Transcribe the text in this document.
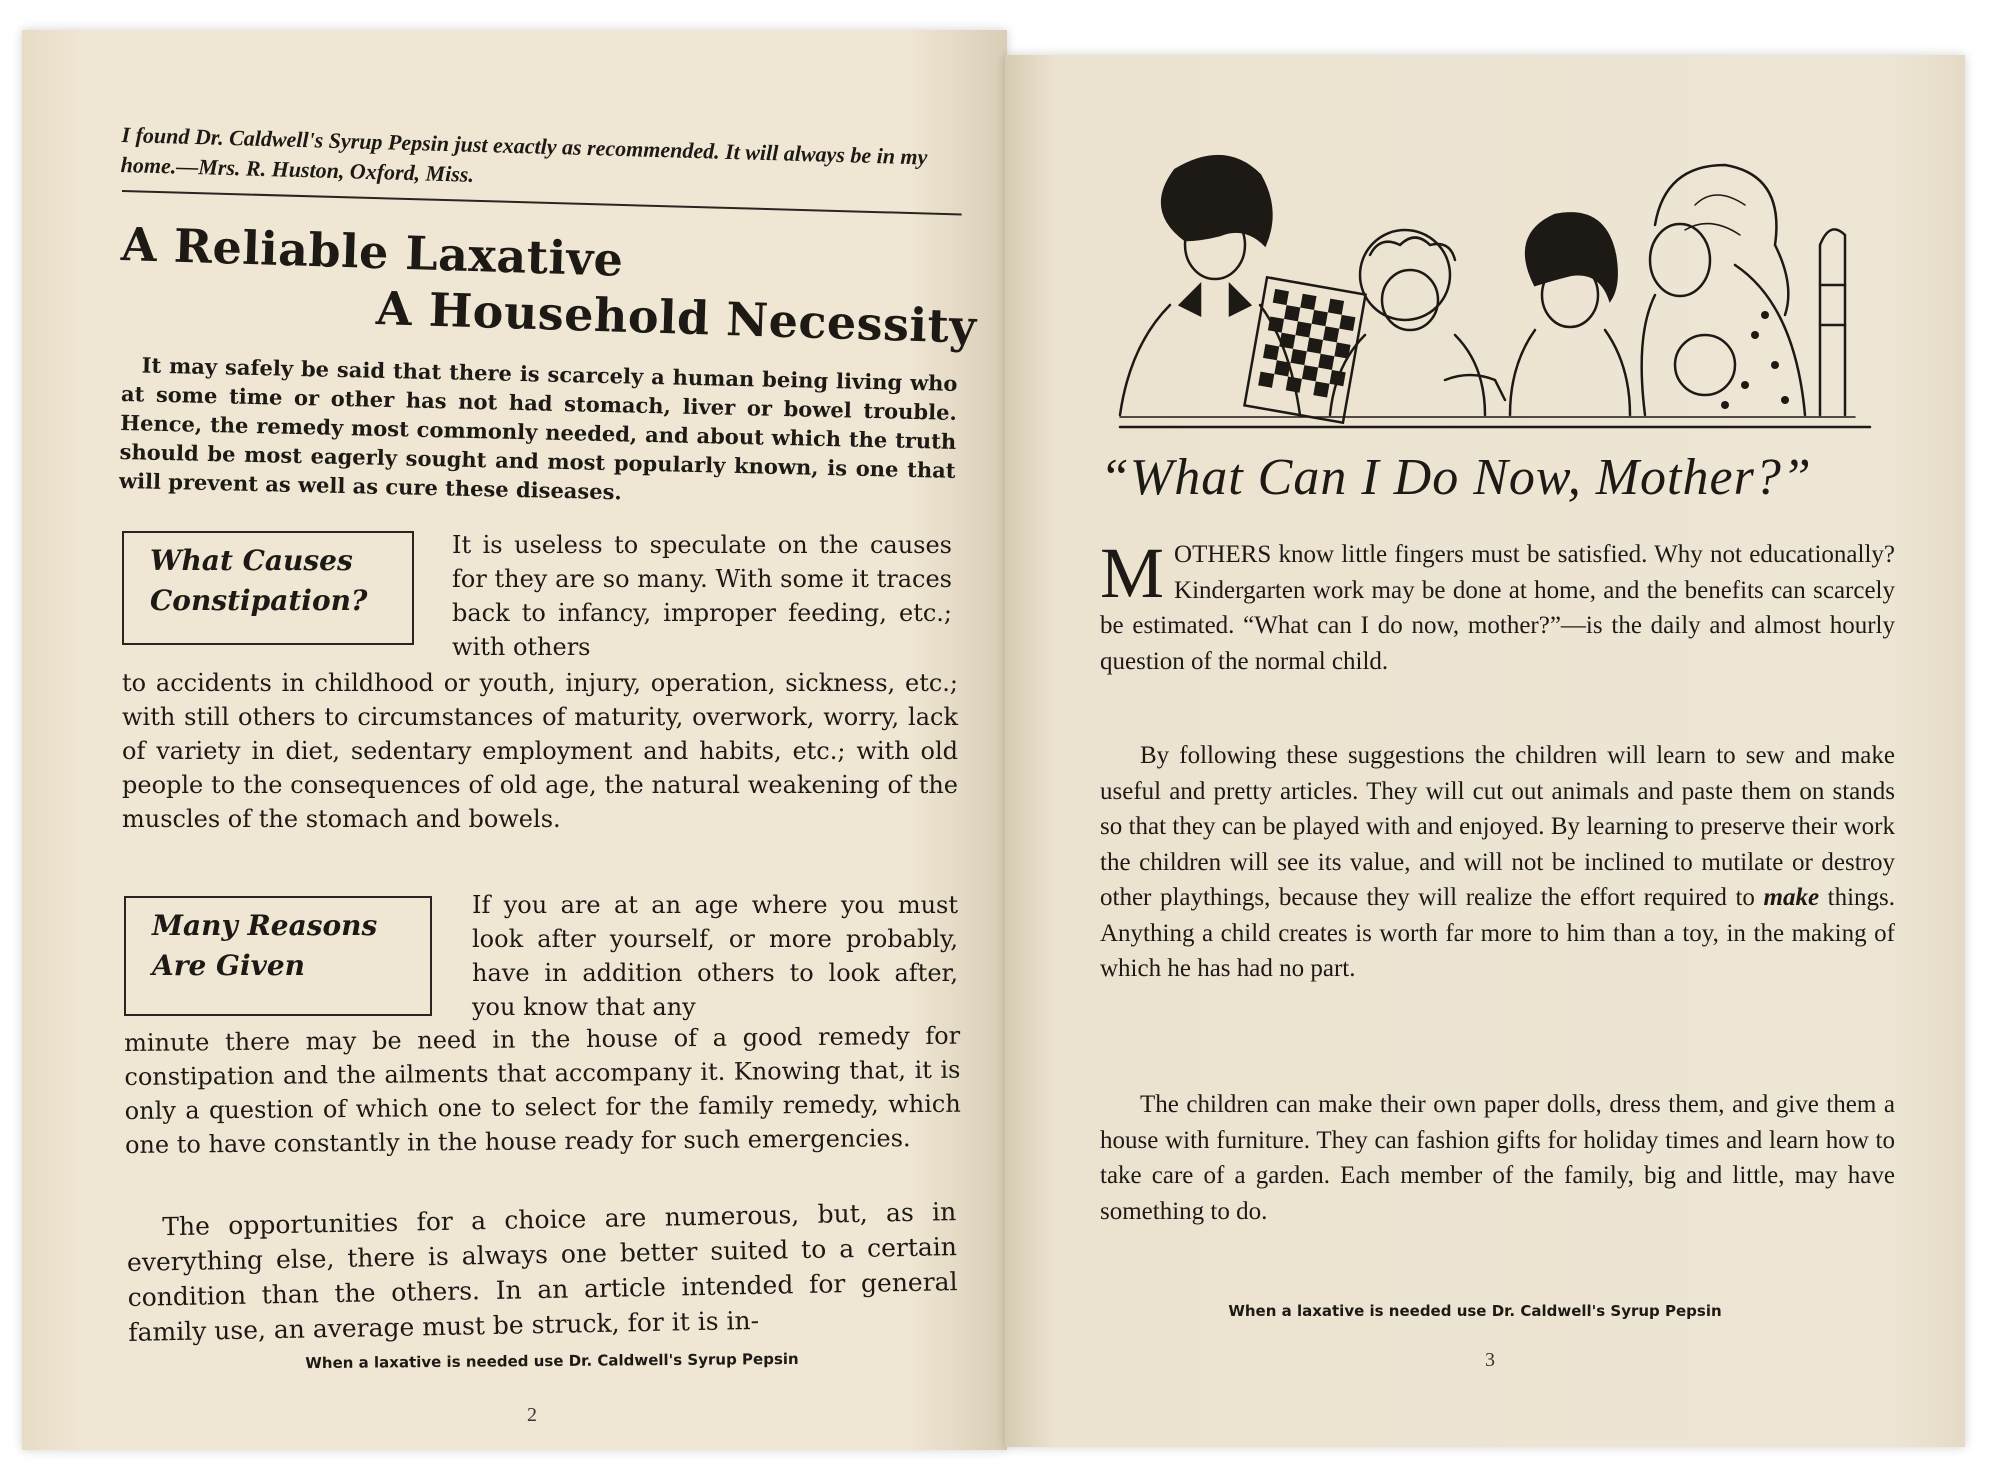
I found Dr. Caldwell's Syrup Pepsin just exactly as recommended. It will always be in my home.—Mrs. R. Huston, Oxford, Miss.
A Reliable Laxative
A Household Necessity
It may safely be said that there is scarcely a human being living who at some time or other has not had stomach, liver or bowel trouble. Hence, the remedy most commonly needed, and about which the truth should be most eagerly sought and most popularly known, is one that will prevent as well as cure these diseases.
What Causes
Constipation?
It is useless to speculate on the causes for they are so many. With some it traces back to infancy, improper feeding, etc.; with others
to accidents in childhood or youth, injury, operation, sickness, etc.; with still others to circumstances of maturity, overwork, worry, lack of variety in diet, sedentary employment and habits, etc.; with old people to the consequences of old age, the natural weakening of the muscles of the stomach and bowels.
Many Reasons
Are Given
If you are at an age where you must look after yourself, or more probably, have in addition others to look after, you know that any
minute there may be need in the house of a good remedy for constipation and the ailments that accompany it. Knowing that, it is only a question of which one to select for the family remedy, which one to have constantly in the house ready for such emergencies.
The opportunities for a choice are numerous, but, as in everything else, there is always one better suited to a certain condition than the others. In an article intended for general family use, an average must be struck, for it is in-
When a laxative is needed use Dr. Caldwell's Syrup Pepsin
2
“What Can I Do Now, Mother?”
MOTHERS know little fingers must be satisfied. Why not educationally? Kindergarten work may be done at home, and the benefits can scarcely be estimated. “What can I do now, mother?”—is the daily and almost hourly question of the normal child.
By following these suggestions the children will learn to sew and make useful and pretty articles. They will cut out animals and paste them on stands so that they can be played with and enjoyed. By learning to preserve their work the children will see its value, and will not be inclined to mutilate or destroy other playthings, because they will realize the effort required to make things. Anything a child creates is worth far more to him than a toy, in the making of which he has had no part.
The children can make their own paper dolls, dress them, and give them a house with furniture. They can fashion gifts for holiday times and learn how to take care of a garden. Each member of the family, big and little, may have something to do.
When a laxative is needed use Dr. Caldwell's Syrup Pepsin
3
